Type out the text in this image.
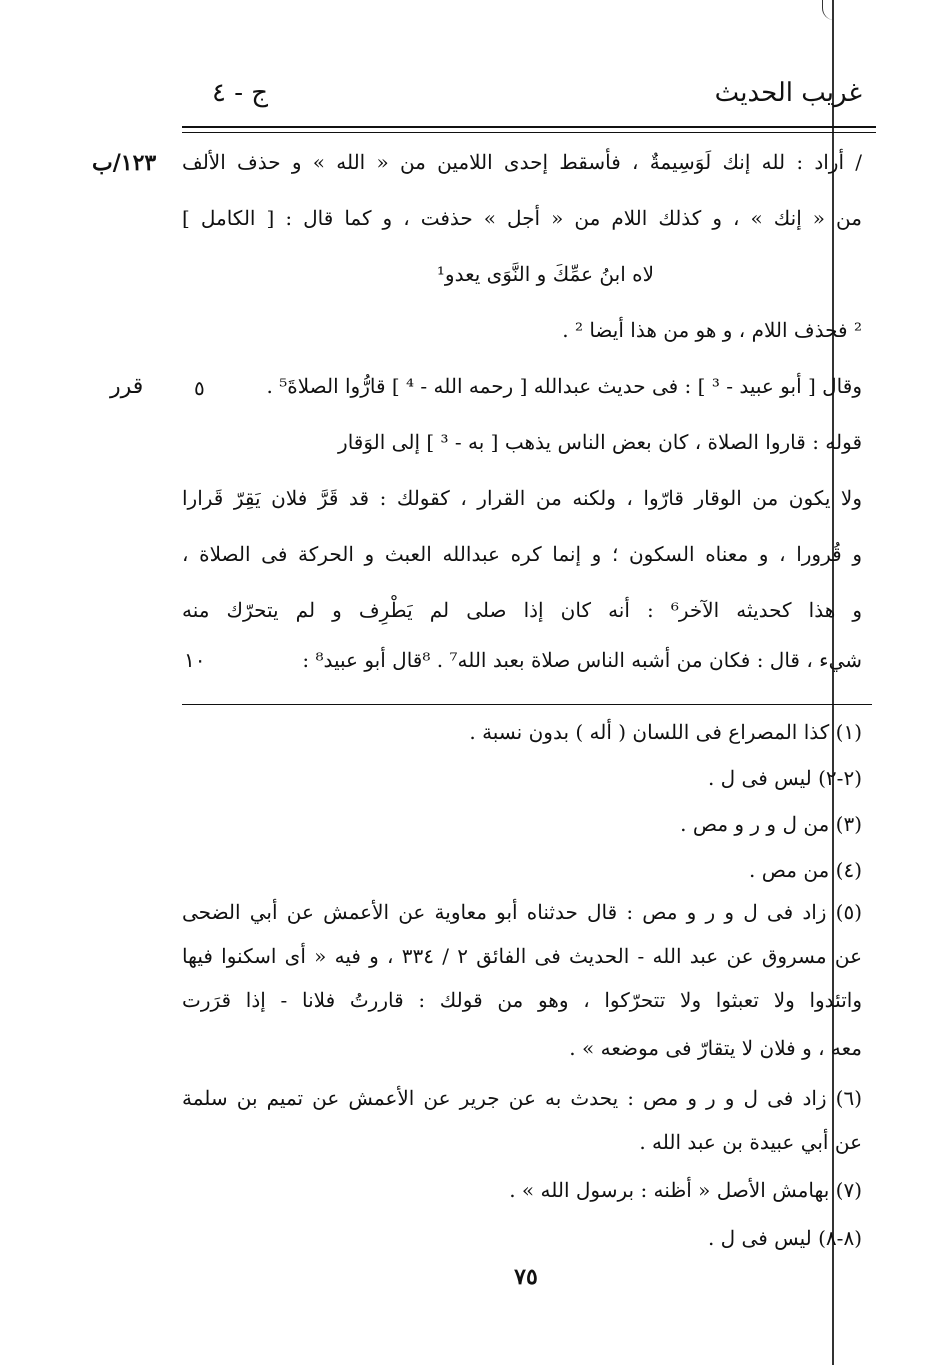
غريب الحديث
ج - ٤
١٢٣/ب
قرر	٥
١٠
/ أراد : لله إنك لَوَسِيمةٌ ، فأسقط إحدى اللامين من « الله » و حذف الألف
من « إنك » ، و كذلك اللام من « أجل » حذفت ، و كما قال : [ الكامل ]
لاه ابنُ عمِّكَ و النَّوَى يعدو¹
² فحذف اللام ، و هو من هذا أيضا ² .
وقال [ أبو عبيد - ³ ] : فى حديث عبدالله [ رحمه الله - ⁴ ] قارُّوا الصلاةَ⁵ .
قوله : قاروا الصلاة ، كان بعض الناس يذهب [ به - ³ ] إلى الوَقار
ولا يكون من الوقار قارّوا ، ولكنه من القرار ، كقولك : قد قَرَّ فلان يَقِرّ قَرارا
و قُرورا ، و معناه السكون ؛ و إنما كره عبدالله العبث و الحركة فى الصلاة ،
و هذا كحديثه الآخر⁶ : أنه كان إذا صلى لم يَطْرِف و لم يتحرّك منه
شيء ، قال : فكان من أشبه الناس صلاة بعبد الله⁷ . ⁸قال أبو عبيد⁸ :
(١) كذا المصراع فى اللسان ( أله ) بدون نسبة .
(٢-٢) ليس فى ل .
(٣) من ل و ر و مص .
(٤) من مص .
(٥) زاد فى ل و ر و مص : قال حدثناه أبو معاوية عن الأعمش عن أبي الضحى
عن مسروق عن عبد الله - الحديث فى الفائق ٢ / ٣٣٤ ، و فيه « أى اسكنوا فيها
واتئدوا ولا تعبثوا ولا تتحرّكوا ، وهو من قولك : قاررتُ فلانا - إذا قرَرت
معه ، و فلان لا يتقارّ فى موضعه » .
(٦) زاد فى ل و ر و مص : يحدث به عن جرير عن الأعمش عن تميم بن سلمة
عن أبي عبيدة بن عبد الله .
(٧) بهامش الأصل « أظنه : برسول الله » .
(٨-٨) ليس فى ل .
٧٥
